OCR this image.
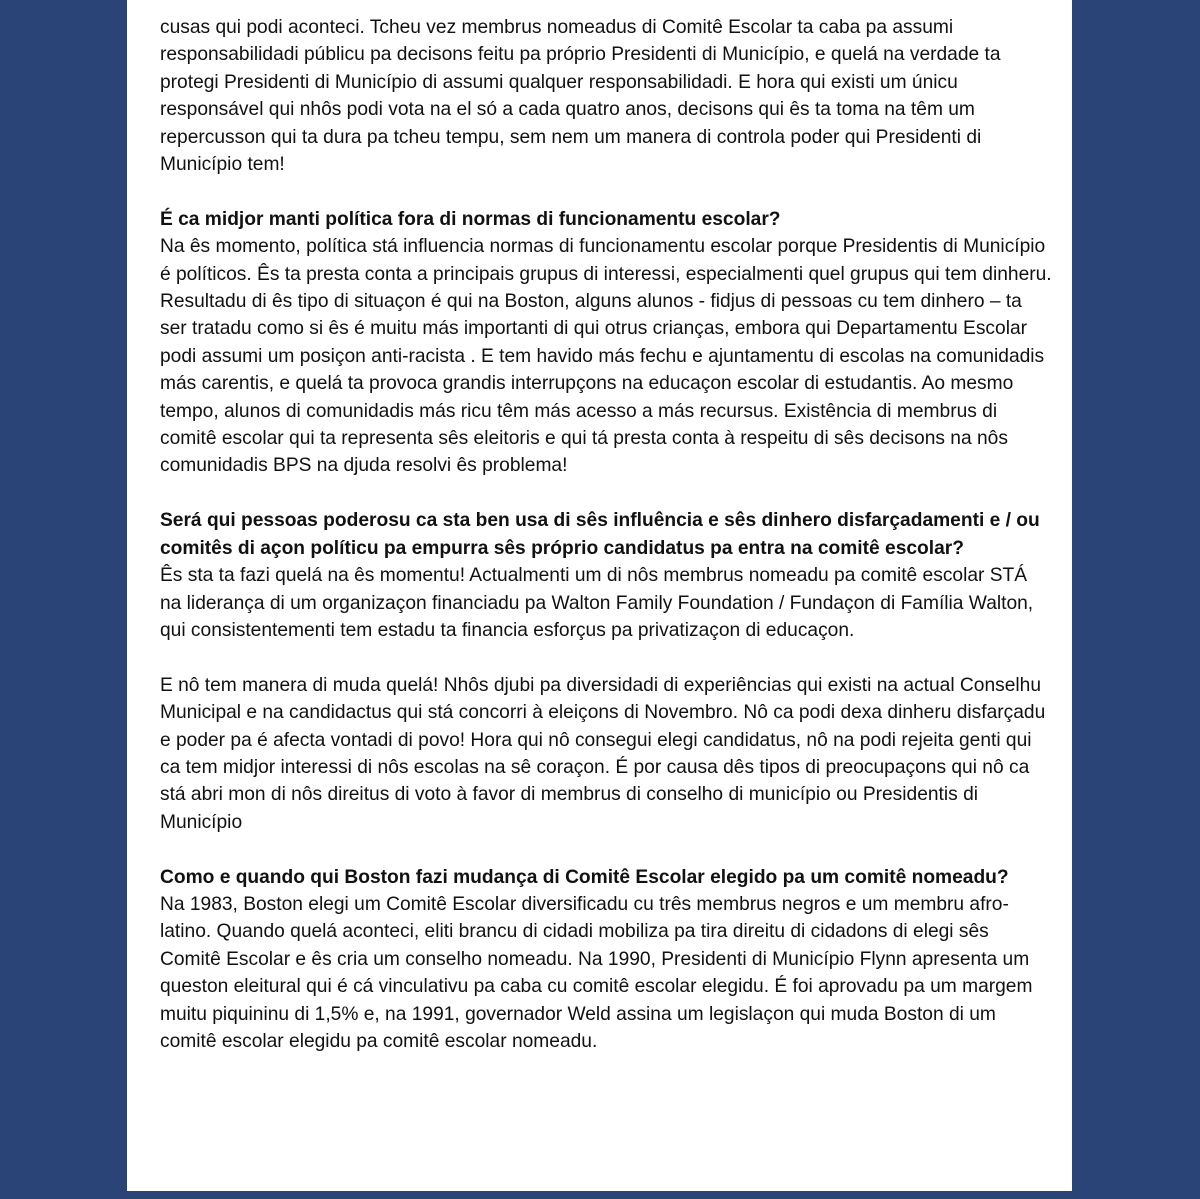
cusas qui podi aconteci. Tcheu vez membrus nomeadus di Comitê Escolar ta caba pa assumi responsabilidadi públicu pa decisons feitu pa próprio Presidenti di Município, e quelá na verdade ta protegi Presidenti di Município di assumi qualquer responsabilidadi. E hora qui existi um únicu responsável qui nhôs podi vota na el só a cada quatro anos, decisons qui ês ta toma na têm um repercusson qui ta dura pa tcheu tempu, sem nem um manera di controla poder qui Presidenti di Município tem!

É ca midjor manti política fora di normas di funcionamentu escolar?

Na ês momento, política stá influencia normas di funcionamentu escolar porque Presidentis di Município é políticos. Ês ta presta conta a principais grupus di interessi, especialmenti quel grupus qui tem dinheru. Resultadu di ês tipo di situaçon é qui na Boston, alguns alunos - fidjus di pessoas cu tem dinhero – ta ser tratadu como si ês é muitu más importanti di qui otrus crianças, embora qui Departamentu Escolar podi assumi um posiçon anti-racista . E tem havido más fechu e ajuntamentu di escolas na comunidadis más carentis, e quelá ta provoca grandis interrupçons na educaçon escolar di estudantis. Ao mesmo tempo, alunos di comunidadis más ricu têm más acesso a más recursus. Existência di membrus di comitê escolar qui ta representa sês eleitoris e qui tá presta conta à respeitu di sês decisons na nôs comunidadis BPS na djuda resolvi ês problema!

Será qui pessoas poderosu ca sta ben usa di sês influência e sês dinhero disfarçadamenti e / ou comitês di açon políticu pa empurra sês próprio candidatus pa entra na comitê escolar?

Ês sta ta fazi quelá na ês momentu! Actualmenti um di nôs membrus nomeadu pa comitê escolar STÁ na liderança di um organizaçon financiadu pa Walton Family Foundation / Fundaçon di Família Walton, qui consistentementi tem estadu ta financia esforçus pa privatizaçon di educaçon.

E nô tem manera di muda quelá! Nhôs djubi pa diversidadi di experiências qui existi na actual Conselhu Municipal e na candidactus qui stá concorri à eleiçons di Novembro. Nô ca podi dexa dinheru disfarçadu e poder pa é afecta vontadi di povo! Hora qui nô consegui elegi candidatus, nô na podi rejeita genti qui ca tem midjor interessi di nôs escolas na sê coraçon. É por causa dês tipos di preocupaçons qui nô ca stá abri mon di nôs direitus di voto à favor di membrus di conselho di município ou Presidentis di Município

Como e quando qui Boston fazi mudança di Comitê Escolar elegido pa um comitê nomeadu?

Na 1983, Boston elegi um Comitê Escolar diversificadu cu três membrus negros e um membru afro-latino. Quando quelá aconteci, eliti brancu di cidadi mobiliza pa tira direitu di cidadons di elegi sês Comitê Escolar e ês cria um conselho nomeadu. Na 1990, Presidenti di Município Flynn apresenta um queston eleitural qui é cá vinculativu pa caba cu comitê escolar elegidu. É foi aprovadu pa um margem muitu piquininu di 1,5% e, na 1991, governador Weld assina um legislaçon qui muda Boston di um comitê escolar elegidu pa comitê escolar nomeadu.
